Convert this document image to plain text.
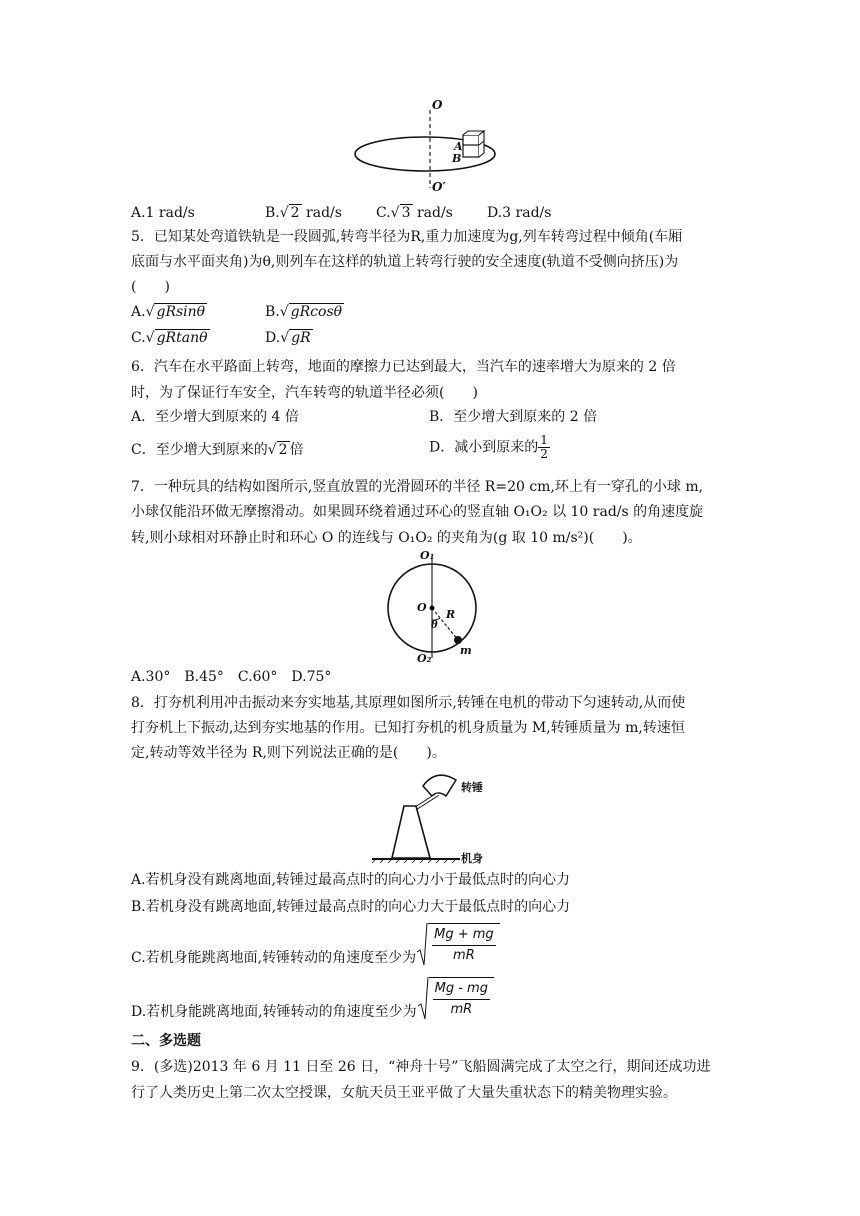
O
O′
A
B
A.1 rad/s	B.√ 2 rad/s C.√ 3 rad/s D.3 rad/s
5．已知某处弯道铁轨是一段圆弧,转弯半径为R,重力加速度为g,列车转弯过程中倾角(车厢
底面与水平面夹角)为θ,则列车在这样的轨道上转弯行驶的安全速度(轨道不受侧向挤压)为
(　　)
A.√ gRsinθ	B.√ gRcosθ
C.√ gRtanθ	D.√ gR
6．汽车在水平路面上转弯，地面的摩擦力已达到最大，当汽车的速率增大为原来的 2 倍
时，为了保证行车安全，汽车转弯的轨道半径必须(　　)
A．至少增大到原来的 4 倍	B．至少增大到原来的 2 倍
C．至少增大到原来的√ 2 倍	D．减小到原来的 $\frac{1}{2}$
7．一种玩具的结构如图所示,竖直放置的光滑圆环的半径 R=20 cm,环上有一穿孔的小球 m,
小球仅能沿环做无摩擦滑动。如果圆环绕着通过环心的竖直轴 O₁O₂ 以 10 rad/s 的角速度旋
转,则小球相对环静止时和环心 O 的连线与 O₁O₂ 的夹角为(g 取 10 m/s²)(　　)。
O₁
O
R
θ
m
O₂
A.30°　B.45°　C.60°　D.75°
8．打夯机利用冲击振动来夯实地基,其原理如图所示,转锤在电机的带动下匀速转动,从而使
打夯机上下振动,达到夯实地基的作用。已知打夯机的机身质量为 M,转锤质量为 m,转速恒
定,转动等效半径为 R,则下列说法正确的是(　　)。
转锤
机身
A.若机身没有跳离地面,转锤过最高点时的向心力小于最低点时的向心力
B.若机身没有跳离地面,转锤过最高点时的向心力大于最低点时的向心力
C.若机身能跳离地面,转锤转动的角速度至少为
Mg + mg
mR
D.若机身能跳离地面,转锤转动的角速度至少为
Mg - mg
mR
二、多选题
9．(多选)2013 年 6 月 11 日至 26 日，“神舟十号”飞船圆满完成了太空之行，期间还成功进
行了人类历史上第二次太空授课，女航天员王亚平做了大量失重状态下的精美物理实验。
